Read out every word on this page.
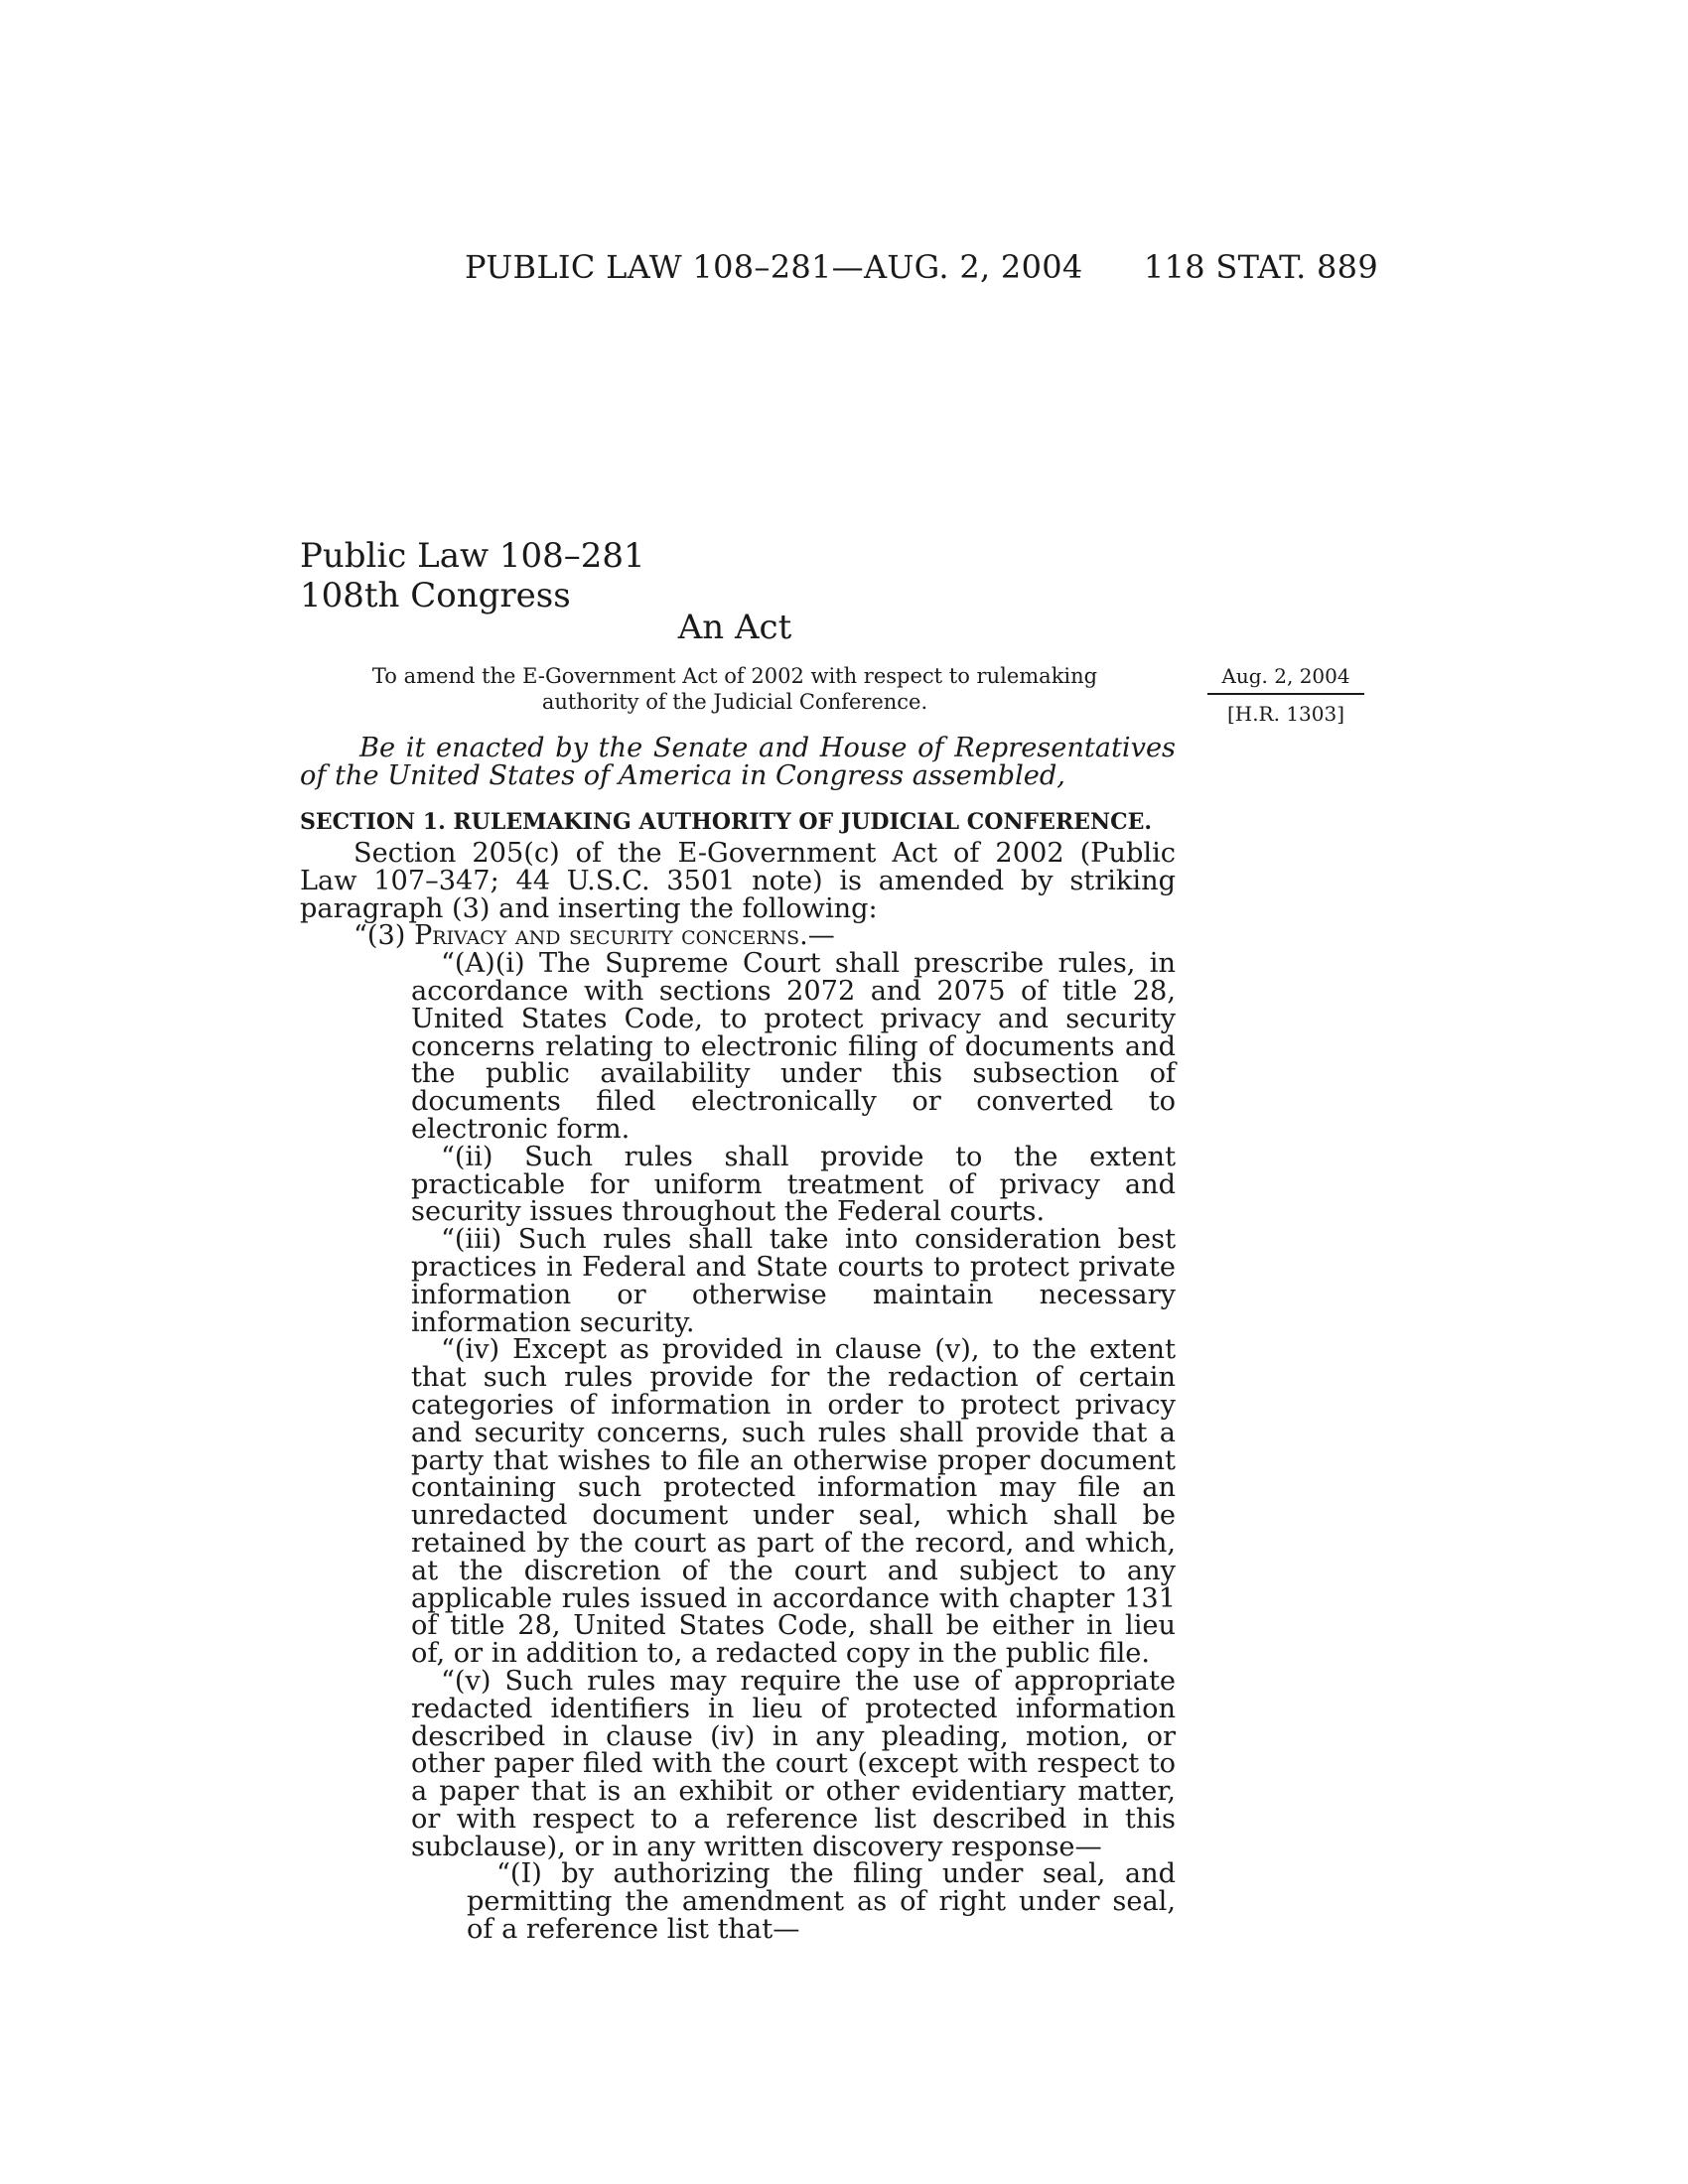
PUBLIC LAW 108–281—AUG. 2, 2004 118 STAT. 889
Public Law 108–281
108th Congress
An Act
To amend the E-Government Act of 2002 with respect to rulemaking authority of the Judicial Conference.
Aug. 2, 2004
[H.R. 1303]
Be it enacted by the Senate and House of Representatives of the United States of America in Congress assembled,
SECTION 1. RULEMAKING AUTHORITY OF JUDICIAL CONFERENCE.

Section 205(c) of the E-Government Act of 2002 (Public Law 107–347; 44 U.S.C. 3501 note) is amended by striking paragraph (3) and inserting the following:

“(3) Privacy and security concerns.—

“(A)(i) The Supreme Court shall prescribe rules, in accordance with sections 2072 and 2075 of title 28, United States Code, to protect privacy and security concerns relating to electronic filing of documents and the public availability under this subsection of documents filed electronically or converted to electronic form.

“(ii) Such rules shall provide to the extent practicable for uniform treatment of privacy and security issues throughout the Federal courts.

“(iii) Such rules shall take into consideration best practices in Federal and State courts to protect private information or otherwise maintain necessary information security.

“(iv) Except as provided in clause (v), to the extent that such rules provide for the redaction of certain categories of information in order to protect privacy and security concerns, such rules shall provide that a party that wishes to file an otherwise proper document containing such protected information may file an unredacted document under seal, which shall be retained by the court as part of the record, and which, at the discretion of the court and subject to any applicable rules issued in accordance with chapter 131 of title 28, United States Code, shall be either in lieu of, or in addition to, a redacted copy in the public file.

“(v) Such rules may require the use of appropriate redacted identifiers in lieu of protected information described in clause (iv) in any pleading, motion, or other paper filed with the court (except with respect to a paper that is an exhibit or other evidentiary matter, or with respect to a reference list described in this subclause), or in any written discovery response—

“(I) by authorizing the filing under seal, and permitting the amendment as of right under seal, of a reference list that—
